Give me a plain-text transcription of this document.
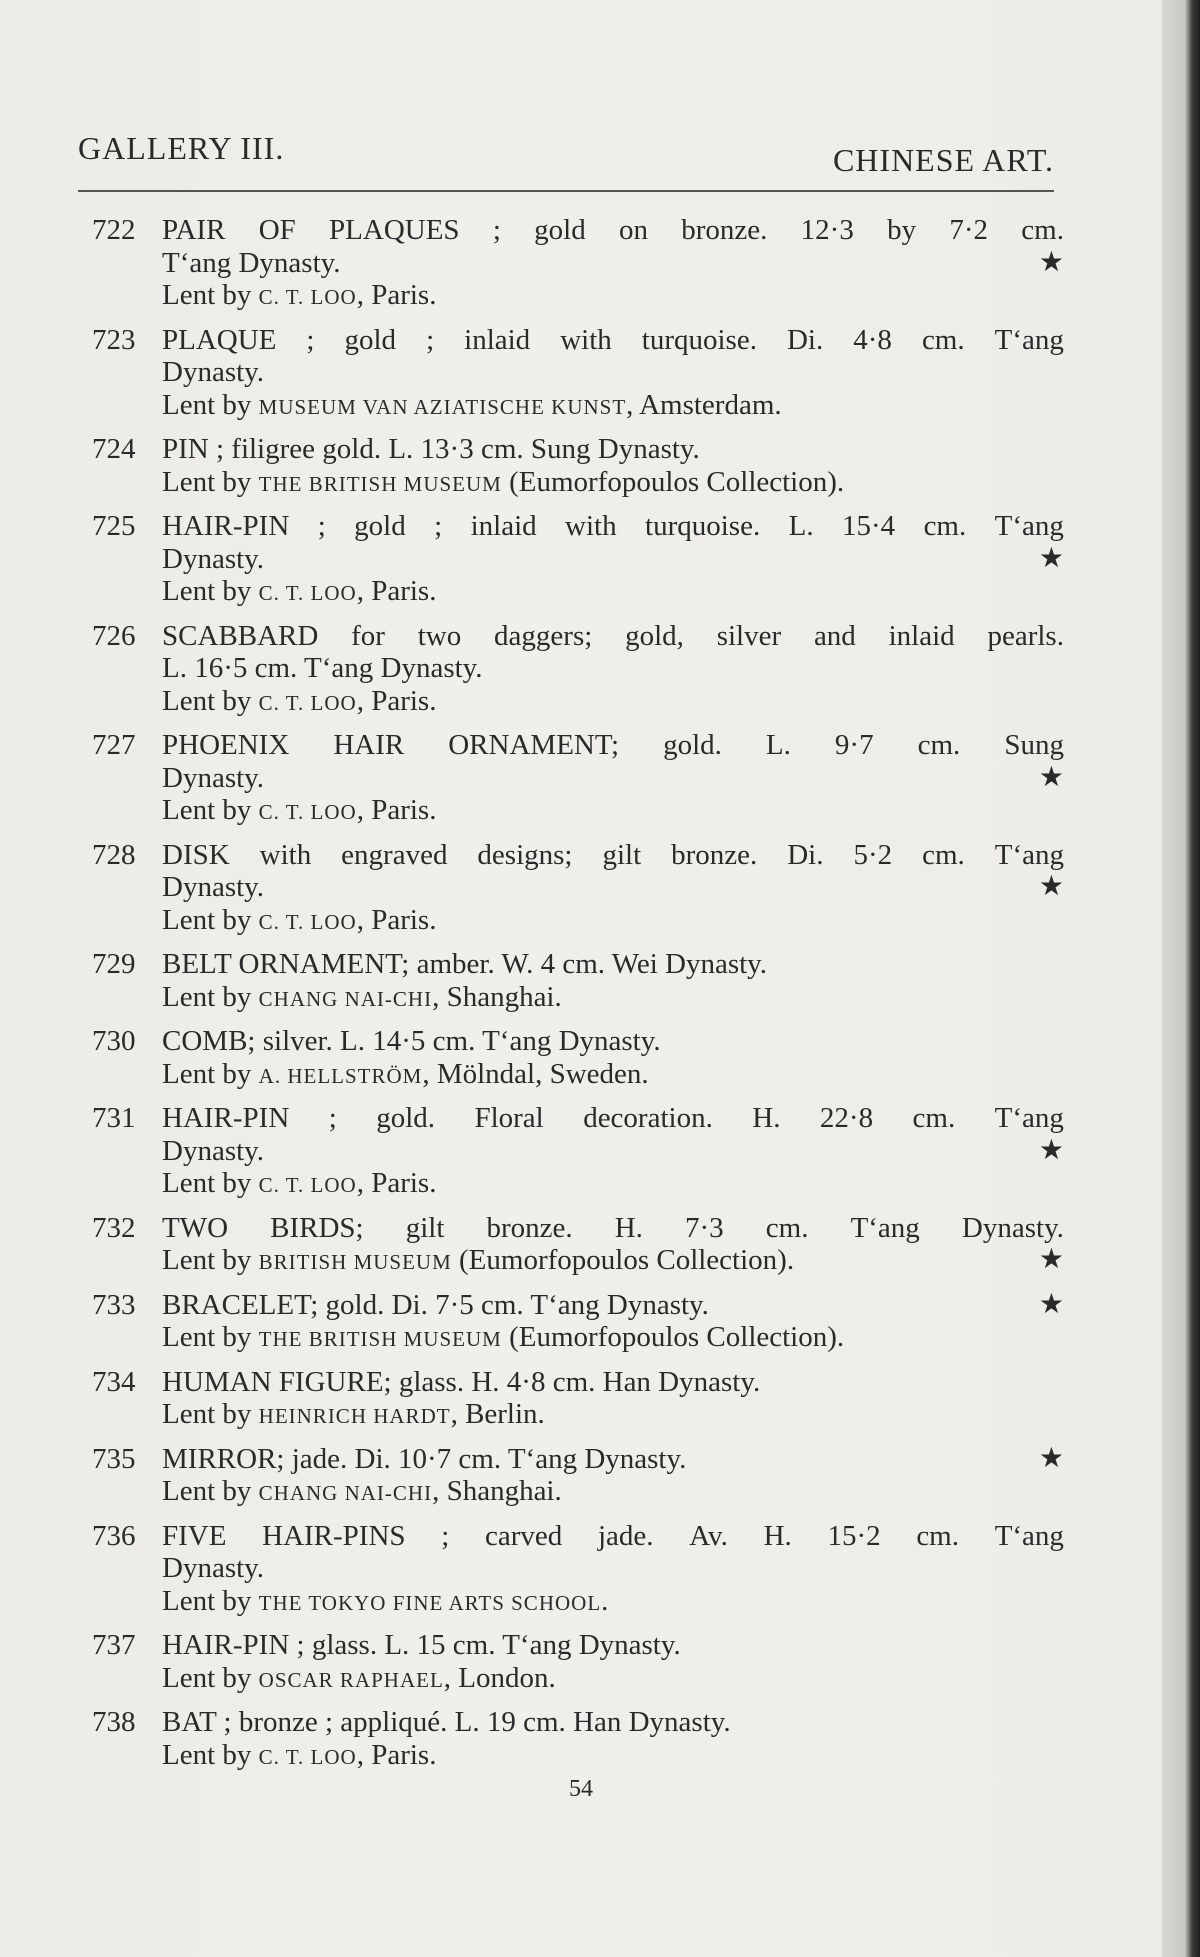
GALLERY III.	CHINESE ART.
722 PAIR OF PLAQUES ; gold on bronze. 12·3 by 7·2 cm.
T‘ang Dynasty.	★
Lent by C. T. LOO, Paris.
723 PLAQUE ; gold ; inlaid with turquoise. Di. 4·8 cm. T‘ang
Dynasty.
Lent by MUSEUM VAN AZIATISCHE KUNST, Amsterdam.
724 PIN ; filigree gold. L. 13·3 cm. Sung Dynasty.
Lent by THE BRITISH MUSEUM (Eumorfopoulos Collection).
725 HAIR-PIN ; gold ; inlaid with turquoise. L. 15·4 cm. T‘ang
Dynasty.	★
Lent by C. T. LOO, Paris.
726 SCABBARD for two daggers; gold, silver and inlaid pearls.
L. 16·5 cm. T‘ang Dynasty.
Lent by C. T. LOO, Paris.
727 PHOENIX HAIR ORNAMENT; gold. L. 9·7 cm. Sung
Dynasty.	★
Lent by C. T. LOO, Paris.
728 DISK with engraved designs; gilt bronze. Di. 5·2 cm. T‘ang
Dynasty.	★
Lent by C. T. LOO, Paris.
729 BELT ORNAMENT; amber. W. 4 cm. Wei Dynasty.
Lent by CHANG NAI-CHI, Shanghai.
730 COMB; silver. L. 14·5 cm. T‘ang Dynasty.
Lent by A. HELLSTRÖM, Mölndal, Sweden.
731 HAIR-PIN ; gold. Floral decoration. H. 22·8 cm. T‘ang
Dynasty.	★
Lent by C. T. LOO, Paris.
732 TWO BIRDS; gilt bronze. H. 7·3 cm. T‘ang Dynasty.
Lent by BRITISH MUSEUM (Eumorfopoulos Collection).	★
733 BRACELET; gold. Di. 7·5 cm. T‘ang Dynasty.	★
Lent by THE BRITISH MUSEUM (Eumorfopoulos Collection).
734 HUMAN FIGURE; glass. H. 4·8 cm. Han Dynasty.
Lent by HEINRICH HARDT, Berlin.
735 MIRROR; jade. Di. 10·7 cm. T‘ang Dynasty.	★
Lent by CHANG NAI-CHI, Shanghai.
736 FIVE HAIR-PINS ; carved jade. Av. H. 15·2 cm. T‘ang
Dynasty.
Lent by THE TOKYO FINE ARTS SCHOOL.
737 HAIR-PIN ; glass. L. 15 cm. T‘ang Dynasty.
Lent by OSCAR RAPHAEL, London.
738 BAT ; bronze ; appliqué. L. 19 cm. Han Dynasty.
Lent by C. T. LOO, Paris.
54
